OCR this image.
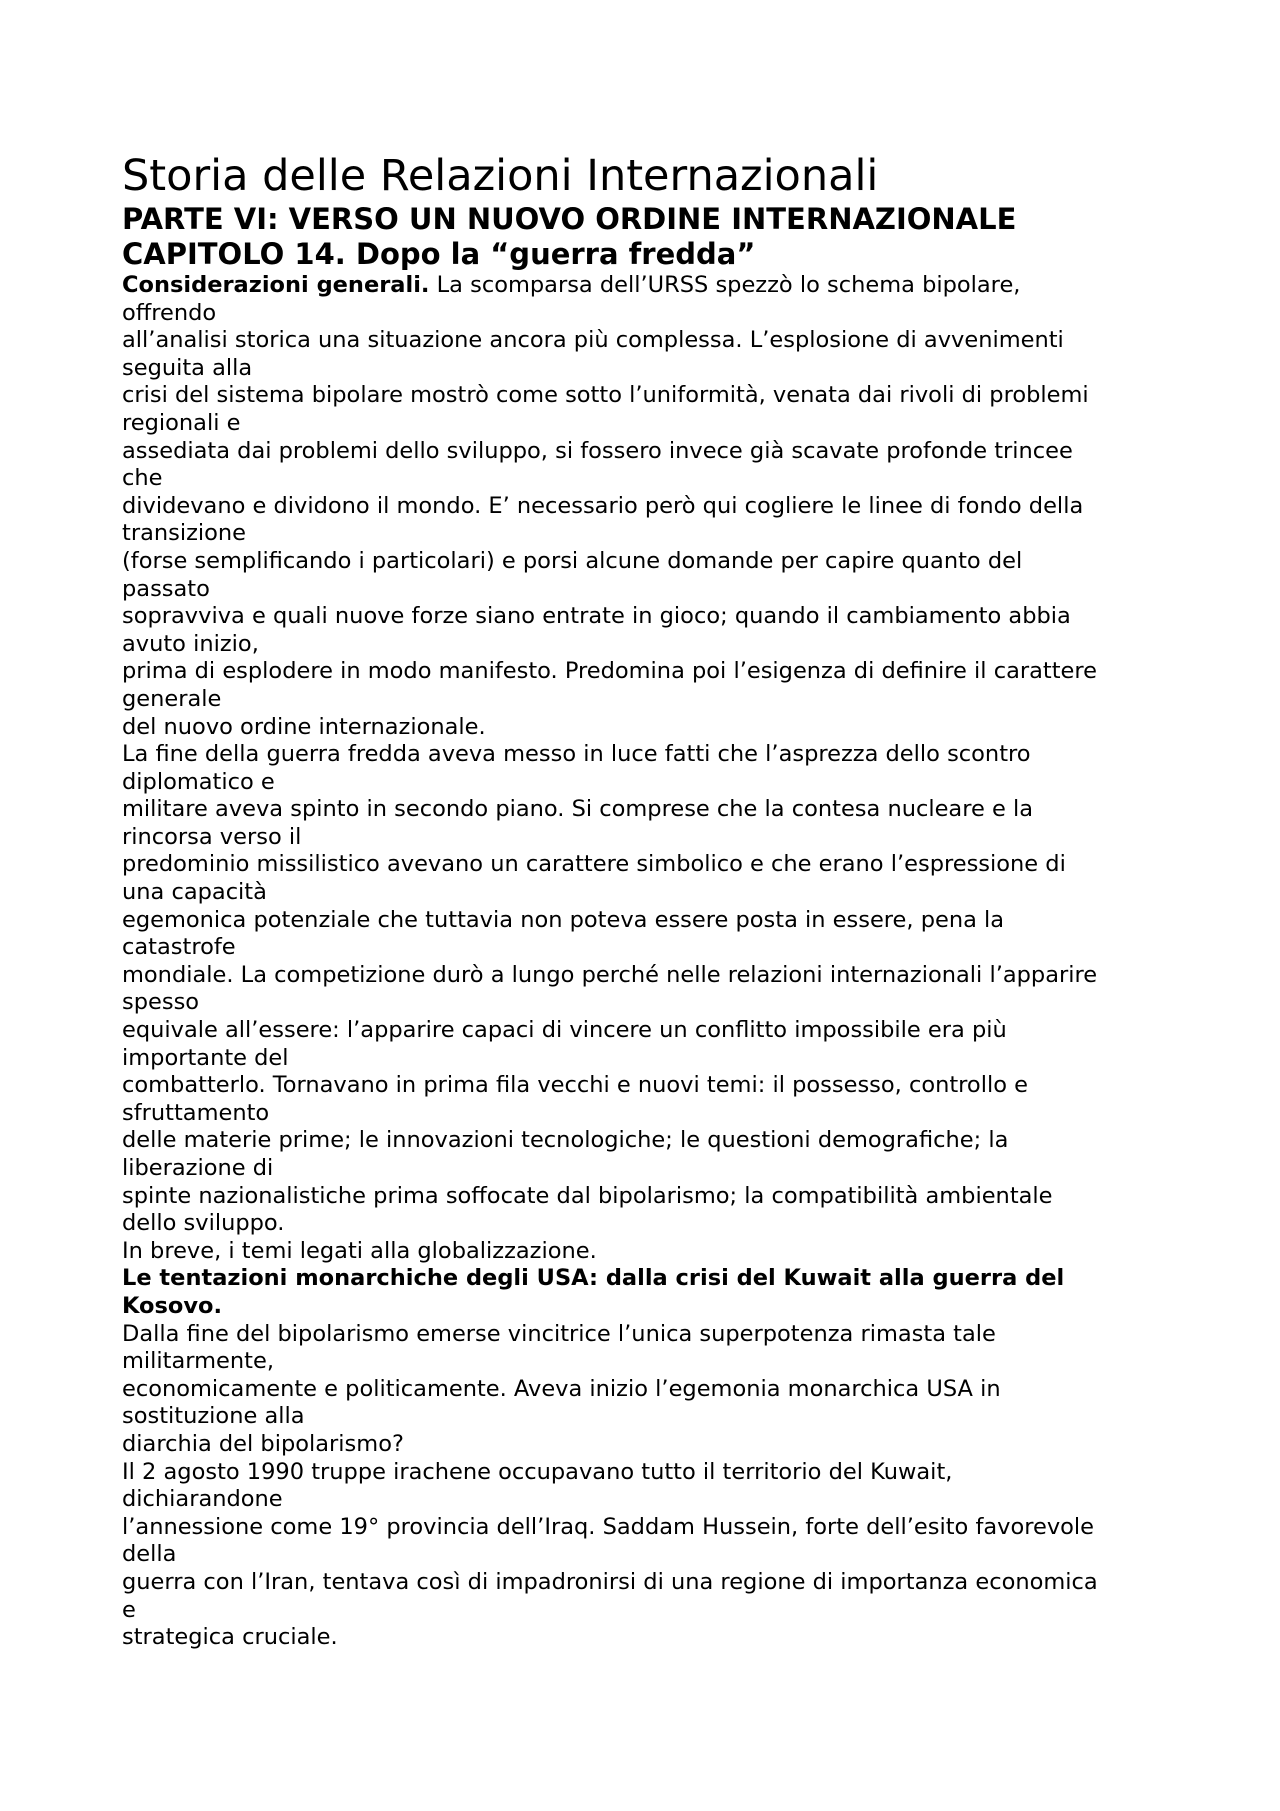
Storia delle Relazioni Internazionali
PARTE VI: VERSO UN NUOVO ORDINE INTERNAZIONALE
CAPITOLO 14. Dopo la “guerra fredda”
Considerazioni generali. La scomparsa dell’URSS spezzò lo schema bipolare,
offrendo
all’analisi storica una situazione ancora più complessa. L’esplosione di avvenimenti
seguita alla
crisi del sistema bipolare mostrò come sotto l’uniformità, venata dai rivoli di problemi
regionali e
assediata dai problemi dello sviluppo, si fossero invece già scavate profonde trincee
che
dividevano e dividono il mondo. E’ necessario però qui cogliere le linee di fondo della
transizione
(forse semplificando i particolari) e porsi alcune domande per capire quanto del
passato
sopravviva e quali nuove forze siano entrate in gioco; quando il cambiamento abbia
avuto inizio,
prima di esplodere in modo manifesto. Predomina poi l’esigenza di definire il carattere
generale
del nuovo ordine internazionale.
La fine della guerra fredda aveva messo in luce fatti che l’asprezza dello scontro
diplomatico e
militare aveva spinto in secondo piano. Si comprese che la contesa nucleare e la
rincorsa verso il
predominio missilistico avevano un carattere simbolico e che erano l’espressione di
una capacità
egemonica potenziale che tuttavia non poteva essere posta in essere, pena la
catastrofe
mondiale. La competizione durò a lungo perché nelle relazioni internazionali l’apparire
spesso
equivale all’essere: l’apparire capaci di vincere un conflitto impossibile era più
importante del
combatterlo. Tornavano in prima fila vecchi e nuovi temi: il possesso, controllo e
sfruttamento
delle materie prime; le innovazioni tecnologiche; le questioni demografiche; la
liberazione di
spinte nazionalistiche prima soffocate dal bipolarismo; la compatibilità ambientale
dello sviluppo.
In breve, i temi legati alla globalizzazione.
Le tentazioni monarchiche degli USA: dalla crisi del Kuwait alla guerra del
Kosovo.
Dalla fine del bipolarismo emerse vincitrice l’unica superpotenza rimasta tale
militarmente,
economicamente e politicamente. Aveva inizio l’egemonia monarchica USA in
sostituzione alla
diarchia del bipolarismo?
Il 2 agosto 1990 truppe irachene occupavano tutto il territorio del Kuwait,
dichiarandone
l’annessione come 19° provincia dell’Iraq. Saddam Hussein, forte dell’esito favorevole
della
guerra con l’Iran, tentava così di impadronirsi di una regione di importanza economica
e
strategica cruciale.
